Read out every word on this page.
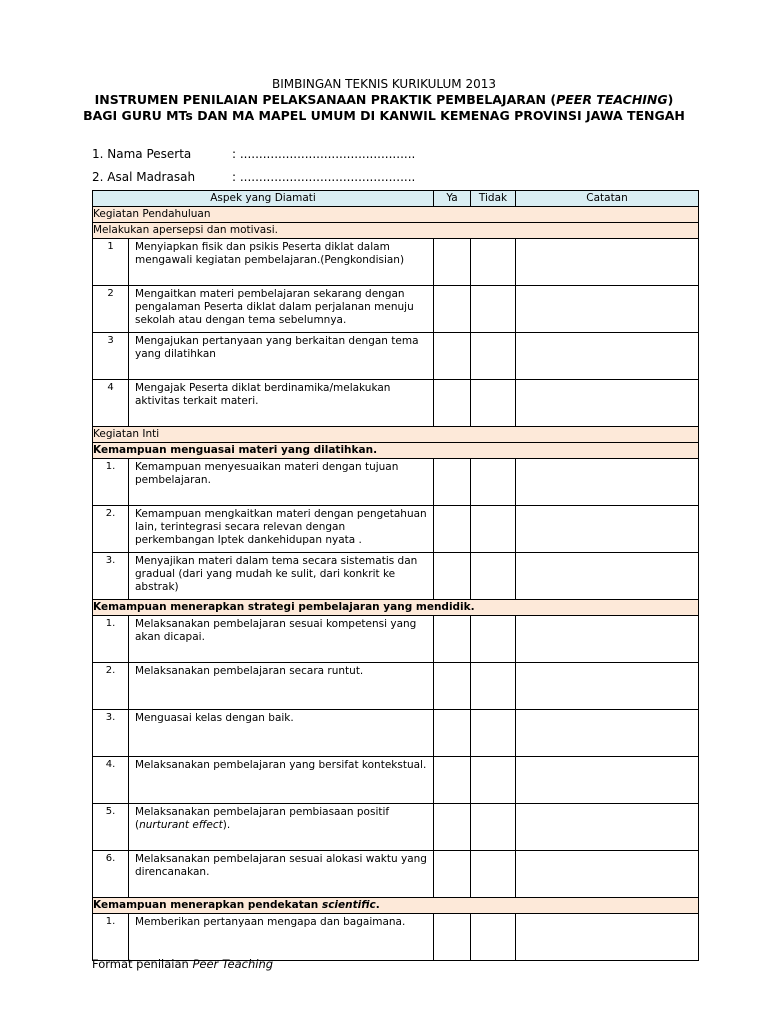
BIMBINGAN TEKNIS KURIKULUM 2013
INSTRUMEN PENILAIAN PELAKSANAAN PRAKTIK PEMBELAJARAN (PEER TEACHING)
BAGI GURU MTs DAN MA MAPEL UMUM DI KANWIL KEMENAG PROVINSI JAWA TENGAH
1. Nama Peserta	: ..............................................
2. Asal Madrasah	: ..............................................
Aspek yang Diamati		Ya	Tidak	Catatan
Kegiatan Pendahuluan				
Melakukan apersepsi dan motivasi.				
1	Menyiapkan fisik dan psikis Peserta diklat dalam mengawali kegiatan pembelajaran.(Pengkondisian)			
2	Mengaitkan materi pembelajaran sekarang dengan pengalaman Peserta diklat dalam perjalanan menuju sekolah atau dengan tema sebelumnya.			
3	Mengajukan pertanyaan yang berkaitan dengan tema yang dilatihkan			
4	Mengajak Peserta diklat berdinamika/melakukan aktivitas terkait materi.			
Kegiatan Inti				
Kemampuan menguasai materi yang dilatihkan.				
1.	Kemampuan menyesuaikan materi dengan tujuan pembelajaran.			
2.	Kemampuan mengkaitkan materi dengan pengetahuan lain, terintegrasi secara relevan dengan perkembangan Iptek dankehidupan nyata .			
3.	Menyajikan materi dalam tema secara sistematis dan gradual (dari yang mudah ke sulit, dari konkrit ke abstrak)			
Kemampuan menerapkan strategi pembelajaran yang mendidik.				
1.	Melaksanakan pembelajaran sesuai kompetensi yang akan dicapai.			
2.	Melaksanakan pembelajaran secara runtut.			
3.	Menguasai kelas dengan baik.			
4.	Melaksanakan pembelajaran yang bersifat kontekstual.			
5.	Melaksanakan pembelajaran pembiasaan positif (nurturant effect).			
6.	Melaksanakan pembelajaran sesuai alokasi waktu yang direncanakan.			
Kemampuan menerapkan pendekatan scientific.				
1.	Memberikan pertanyaan mengapa dan bagaimana.			
Format penilaian Peer Teaching
